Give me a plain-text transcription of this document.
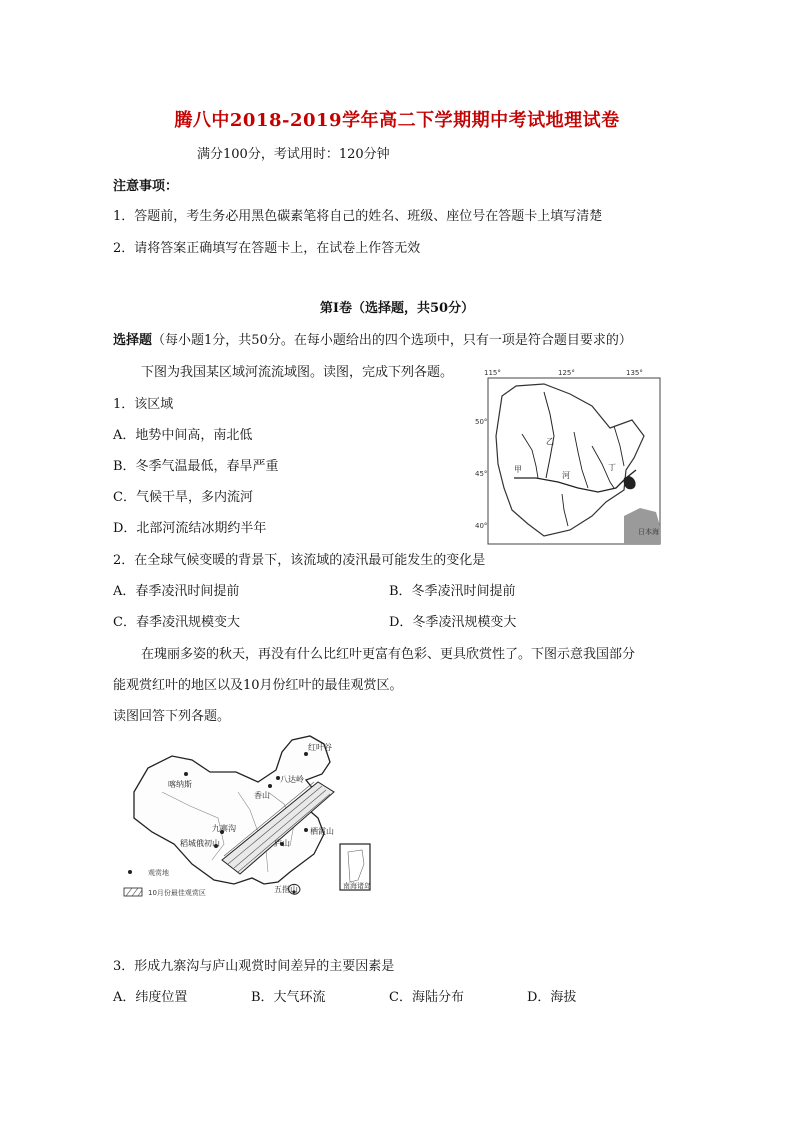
腾八中2018-2019学年高二下学期期中考试地理试卷
满分100分，考试用时：120分钟
注意事项：
1．答题前，考生务必用黑色碳素笔将自己的姓名、班级、座位号在答题卡上填写清楚
2．请将答案正确填写在答题卡上，在试卷上作答无效
第Ⅰ卷（选择题，共50分）
选择题（每小题1分，共50分。在每小题给出的四个选项中，只有一项是符合题目要求的）
下图为我国某区域河流流域图。读图，完成下列各题。
1．该区域
A．地势中间高，南北低
B．冬季气温最低，春旱严重
C．气候干旱，多内流河
D．北部河流结冰期约半年
115°	125°	135°
50°
45°
40°
日本海
乙
甲
河
丁
2．在全球气候变暖的背景下，该流域的凌汛最可能发生的变化是
A．春季凌汛时间提前	B．冬季凌汛时间提前
C．春季凌汛规模变大	D．冬季凌汛规模变大
在瑰丽多姿的秋天，再没有什么比红叶更富有色彩、更具欣赏性了。下图示意我国部分
能观赏红叶的地区以及10月份红叶的最佳观赏区。
读图回答下列各题。
南海诸岛
红叶谷
喀纳斯
八达岭
香山
九寨沟	栖霞山
稻城俄初山	庐山
五指山
观赏地
10月份最佳观赏区
3．形成九寨沟与庐山观赏时间差异的主要因素是
A．纬度位置	B．大气环流	C．海陆分布	D．海拔
